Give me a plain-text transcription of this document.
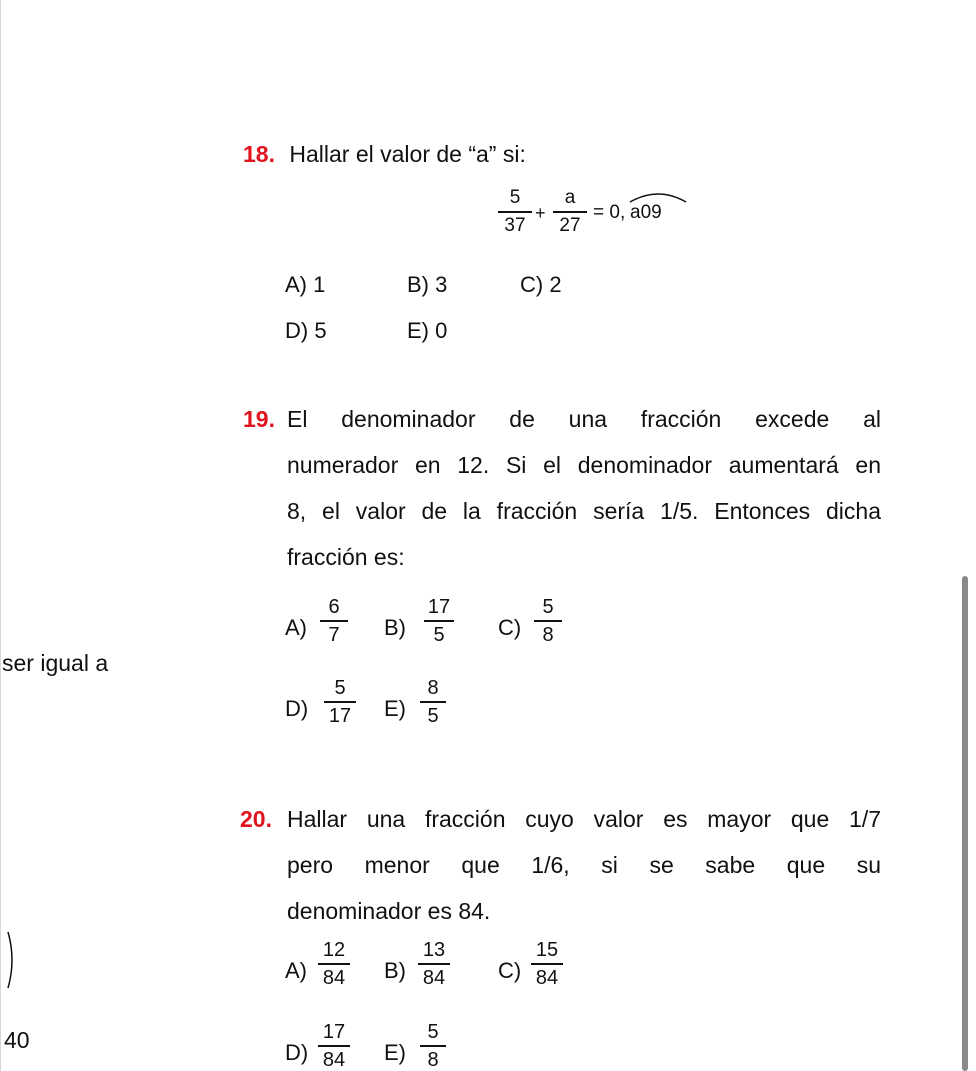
ser igual a
40
18. Hallar el valor de “a” si:
5
37
+
a
27
= 0, a09
A) 1	B) 3	C) 2
D) 5	E) 0
19. El denominador de una fracción excede al
numerador en 12. Si el denominador aumentará en
8, el valor de la fracción sería 1/5. Entonces dicha
fracción es:
A)
6
7	B)
17
5	C)
5
8
D)
5
17 E)
8
5
20. Hallar una fracción cuyo valor es mayor que 1/7
pero menor que 1/6, si se sabe que su
denominador es 84.
A)
12
84 B)
13
84 C)
15
84
D)
17
84 E)
5
8
